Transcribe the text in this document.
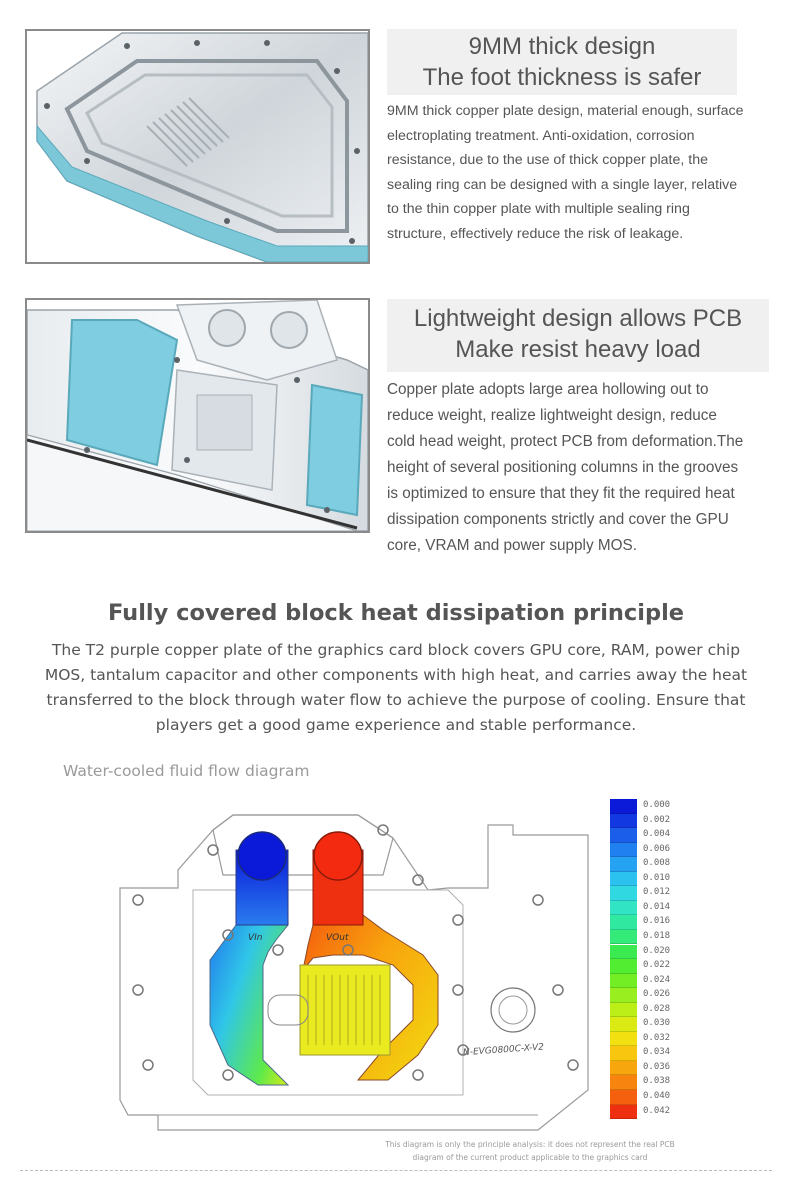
9MM thick design
The foot thickness is safer

9MM thick copper plate design, material enough, surface

electroplating treatment. Anti-oxidation, corrosion

resistance, due to the use of thick copper plate, the

sealing ring can be designed with a single layer, relative

to the thin copper plate with multiple sealing ring

structure, effectively reduce the risk of leakage.

Lightweight design allows PCB
Make resist heavy load

Copper plate adopts large area hollowing out to

reduce weight, realize lightweight design, reduce

cold head weight, protect PCB from deformation.The

height of several positioning columns in the grooves

is optimized to ensure that they fit the required heat

dissipation components strictly and cover the GPU

core, VRAM and power supply MOS.

Fully covered block heat dissipation principle
The T2 purple copper plate of the graphics card block covers GPU core, RAM, power chip
MOS, tantalum capacitor and other components with high heat, and carries away the heat
transferred to the block through water flow to achieve the purpose of cooling. Ensure that
players get a good game experience and stable performance.
Water-cooled fluid flow diagram
VIn	VOut
N-EVG0800C-X-V2
0.000
0.002
0.004
0.006
0.008
0.010
0.012
0.014
0.016
0.018
0.020
0.022
0.024
0.026
0.028
0.030
0.032
0.034
0.036
0.038
0.040
0.042
This diagram is only the principle analysis: it does not represent the real PCB
diagram of the current product applicable to the graphics card
